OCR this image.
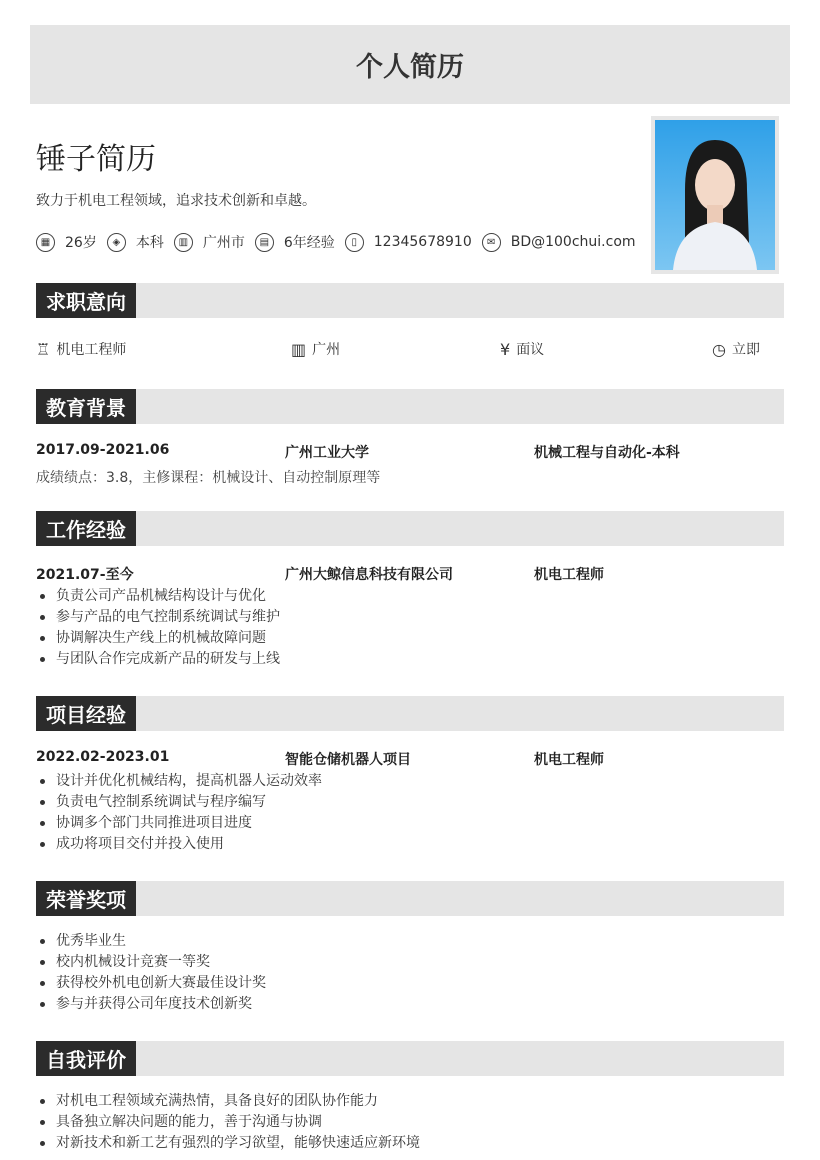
个人简历
锤子简历
致力于机电工程领域，追求技术创新和卓越。
▦	26岁	◈	本科	▥	广州市	▤	6年经验	▯	12345678910	✉	BD@100chui.com
求职意向
♖ 机电工程师	▥ 广州	¥ 面议	◷ 立即
教育背景
2017.09-2021.06	广州工业大学	机械工程与自动化-本科
成绩绩点：3.8，主修课程：机械设计、自动控制原理等
工作经验
2021.07-至今	广州大鲸信息科技有限公司	机电工程师
负责公司产品机械结构设计与优化
参与产品的电气控制系统调试与维护
协调解决生产线上的机械故障问题
与团队合作完成新产品的研发与上线
项目经验
2022.02-2023.01	智能仓储机器人项目	机电工程师
设计并优化机械结构，提高机器人运动效率
负责电气控制系统调试与程序编写
协调多个部门共同推进项目进度
成功将项目交付并投入使用
荣誉奖项
优秀毕业生
校内机械设计竞赛一等奖
获得校外机电创新大赛最佳设计奖
参与并获得公司年度技术创新奖
自我评价
对机电工程领域充满热情，具备良好的团队协作能力
具备独立解决问题的能力，善于沟通与协调
对新技术和新工艺有强烈的学习欲望，能够快速适应新环境
